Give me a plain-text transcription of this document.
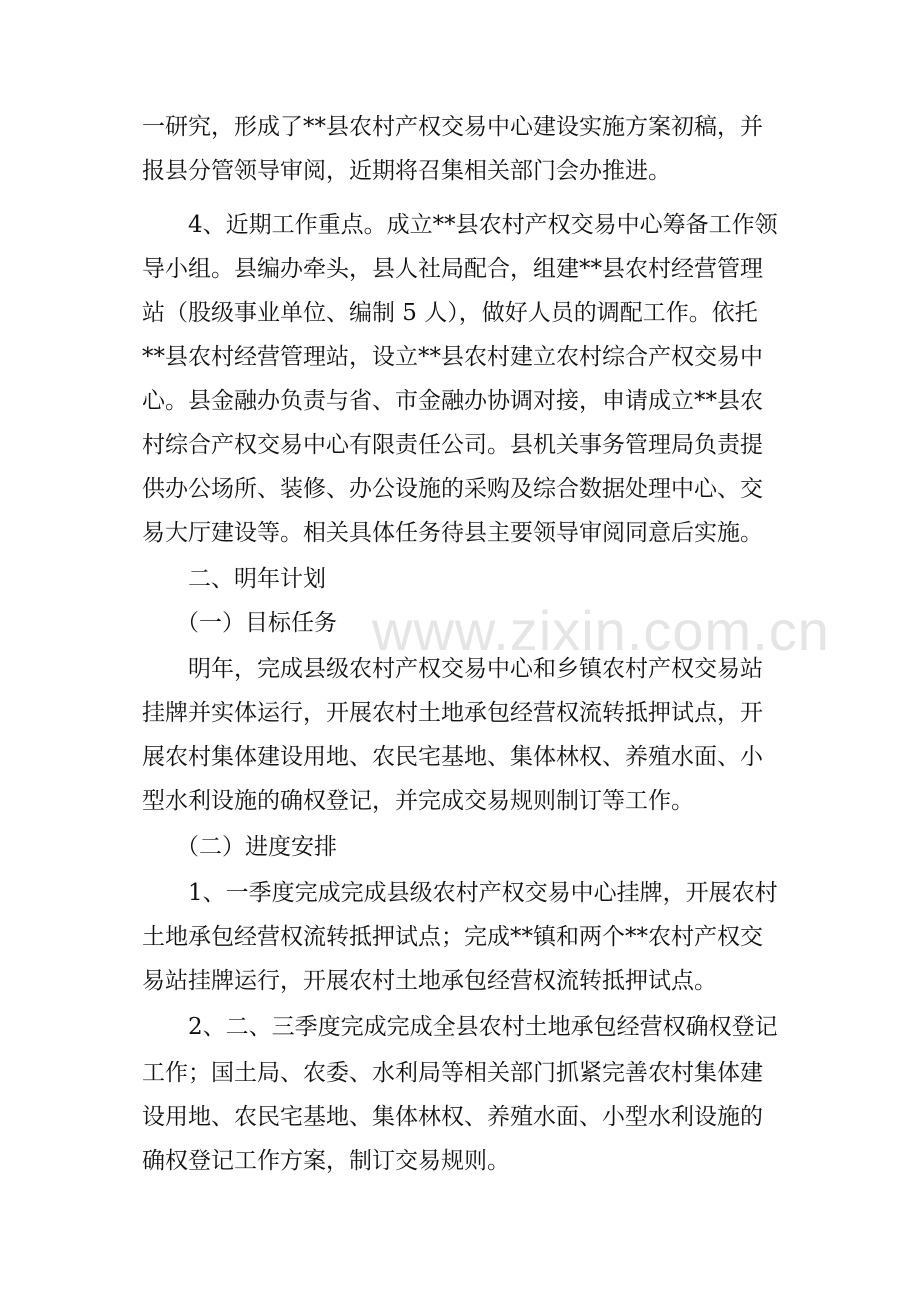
一研究，形成了**县农村产权交易中心建设实施方案初稿，并
报县分管领导审阅，近期将召集相关部门会办推进。
4、近期工作重点。成立**县农村产权交易中心筹备工作领
导小组。县编办牵头，县人社局配合，组建**县农村经营管理
站（股级事业单位、编制 5 人），做好人员的调配工作。依托
**县农村经营管理站，设立**县农村建立农村综合产权交易中
心。县金融办负责与省、市金融办协调对接，申请成立**县农
村综合产权交易中心有限责任公司。县机关事务管理局负责提
供办公场所、装修、办公设施的采购及综合数据处理中心、交
易大厅建设等。相关具体任务待县主要领导审阅同意后实施。
二、明年计划
（一）目标任务
明年，完成县级农村产权交易中心和乡镇农村产权交易站
挂牌并实体运行，开展农村土地承包经营权流转抵押试点，开
展农村集体建设用地、农民宅基地、集体林权、养殖水面、小
型水利设施的确权登记，并完成交易规则制订等工作。
（二）进度安排
1、一季度完成完成县级农村产权交易中心挂牌，开展农村
土地承包经营权流转抵押试点；完成**镇和两个**农村产权交
易站挂牌运行，开展农村土地承包经营权流转抵押试点。
2、二、三季度完成完成全县农村土地承包经营权确权登记
工作；国土局、农委、水利局等相关部门抓紧完善农村集体建
设用地、农民宅基地、集体林权、养殖水面、小型水利设施的
确权登记工作方案，制订交易规则。
www.zixin.com.cn
